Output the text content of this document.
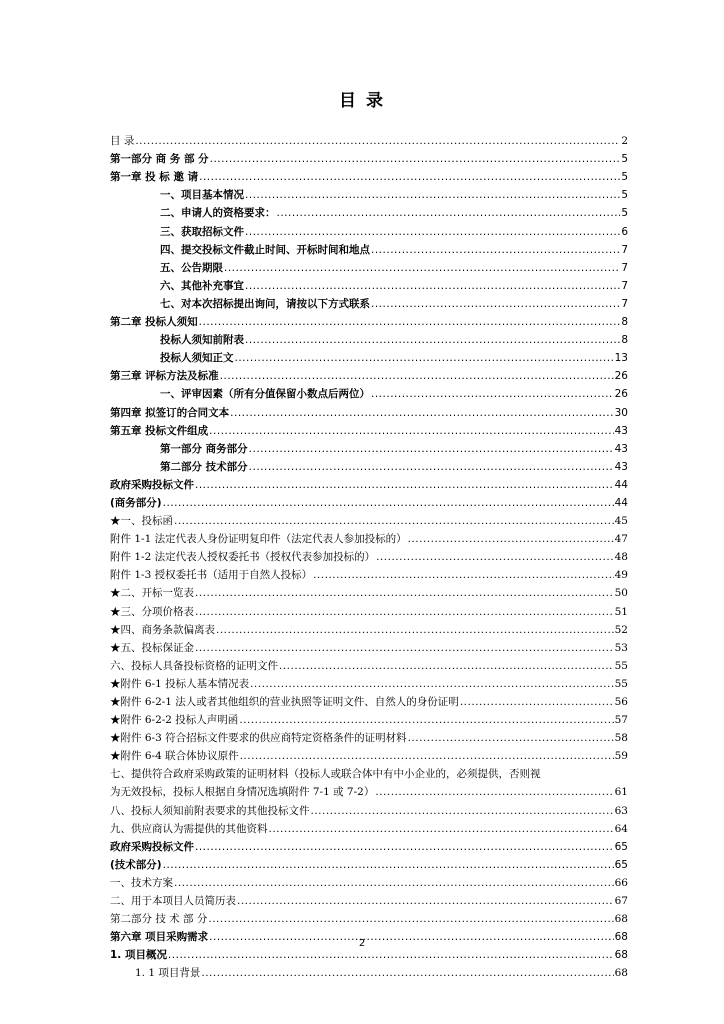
目 录
目 录 .....	2
第一部分 商 务 部 分 .....	5
第一章 投 标 邀 请 .....	5
一、项目基本情况 .....	5
二、申请人的资格要求： .....	5
三、获取招标文件 .....	6
四、提交投标文件截止时间、开标时间和地点 .....	7
五、公告期限 .....	7
六、其他补充事宜 .....	7
七、对本次招标提出询问，请按以下方式联系 .....	7
第二章 投标人须知 .....	8
投标人须知前附表 .....	8
投标人须知正文 .....	13
第三章 评标方法及标准 .....	26
一、评审因素（所有分值保留小数点后两位） .....	26
第四章 拟签订的合同文本 .....	30
第五章 投标文件组成 .....	43
第一部分 商务部分 .....	43
第二部分 技术部分 .....	43
政府采购投标文件 .....	44
(商务部分) .....	44
★一、投标函 .....	45
附件 1-1 法定代表人身份证明复印件（法定代表人参加投标的） .....	47
附件 1-2 法定代表人授权委托书（授权代表参加投标的） .....	48
附件 1-3 授权委托书（适用于自然人投标） .....	49
★二、开标一览表 .....	50
★三、分项价格表 .....	51
★四、商务条款偏离表 .....	52
★五、投标保证金 .....	53
六、投标人具备投标资格的证明文件 .....	55
★附件 6-1 投标人基本情况表 .....	55
★附件 6-2-1 法人或者其他组织的营业执照等证明文件、自然人的身份证明 .....	56
★附件 6-2-2 投标人声明函 .....	57
★附件 6-3 符合招标文件要求的供应商特定资格条件的证明材料 .....	58
★附件 6-4 联合体协议原件 .....	59
七、提供符合政府采购政策的证明材料（投标人或联合体中有中小企业的，必须提供，否则视
为无效投标，投标人根据自身情况选填附件 7-1 或 7-2） .....	61
八、投标人须知前附表要求的其他投标文件 .....	63
九、供应商认为需提供的其他资料 .....	64
政府采购投标文件 .....	65
(技术部分) .....	65
一、技术方案 .....	66
二、用于本项目人员简历表 .....	67
第二部分 技 术 部 分 .....	68
第六章 项目采购需求 .....	68
1. 项目概况 .....	68
1. 1 项目背景 .....	68
2
